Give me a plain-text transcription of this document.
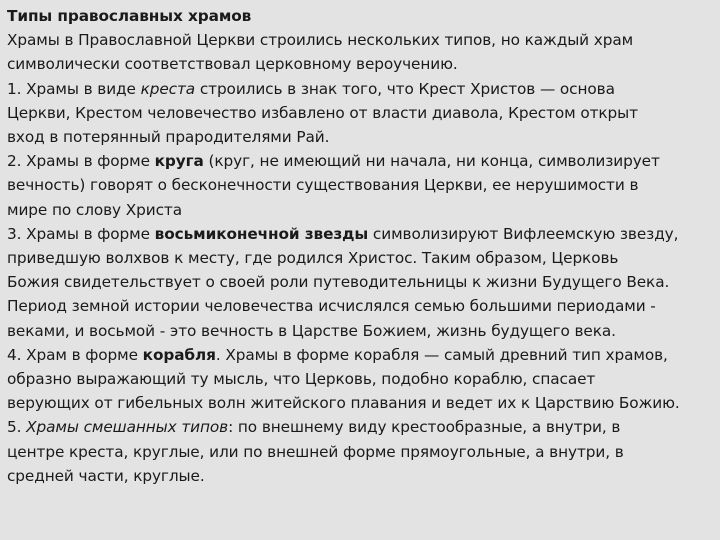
Типы православных храмов
Храмы в Православной Церкви строились нескольких типов, но каждый храм
символически соответствовал церковному вероучению.
1. Храмы в виде креста строились в знак того, что Крест Христов — основа
Церкви, Крестом человечество избавлено от власти диавола, Крестом открыт
вход в потерянный прародителями Рай.
2. Храмы в форме круга (круг, не имеющий ни начала, ни конца, символизирует
вечность) говорят о бесконечности существования Церкви, ее нерушимости в
мире по слову Христа
3. Храмы в форме восьмиконечной звезды символизируют Вифлеемскую звезду,
приведшую волхвов к месту, где родился Христос. Таким образом, Церковь
Божия свидетельствует о своей роли путеводительницы к жизни Будущего Века.
Период земной истории человечества исчислялся семью большими периодами -
веками, и восьмой - это вечность в Царстве Божием, жизнь будущего века.
4. Храм в форме корабля. Храмы в форме корабля — самый древний тип храмов,
образно выражающий ту мысль, что Церковь, подобно кораблю, спасает
верующих от гибельных волн житейского плавания и ведет их к Царствию Божию.
5. Храмы смешанных типов: по внешнему виду крестообразные, а внутри, в
центре креста, круглые, или по внешней форме прямоугольные, а внутри, в
средней части, круглые.
